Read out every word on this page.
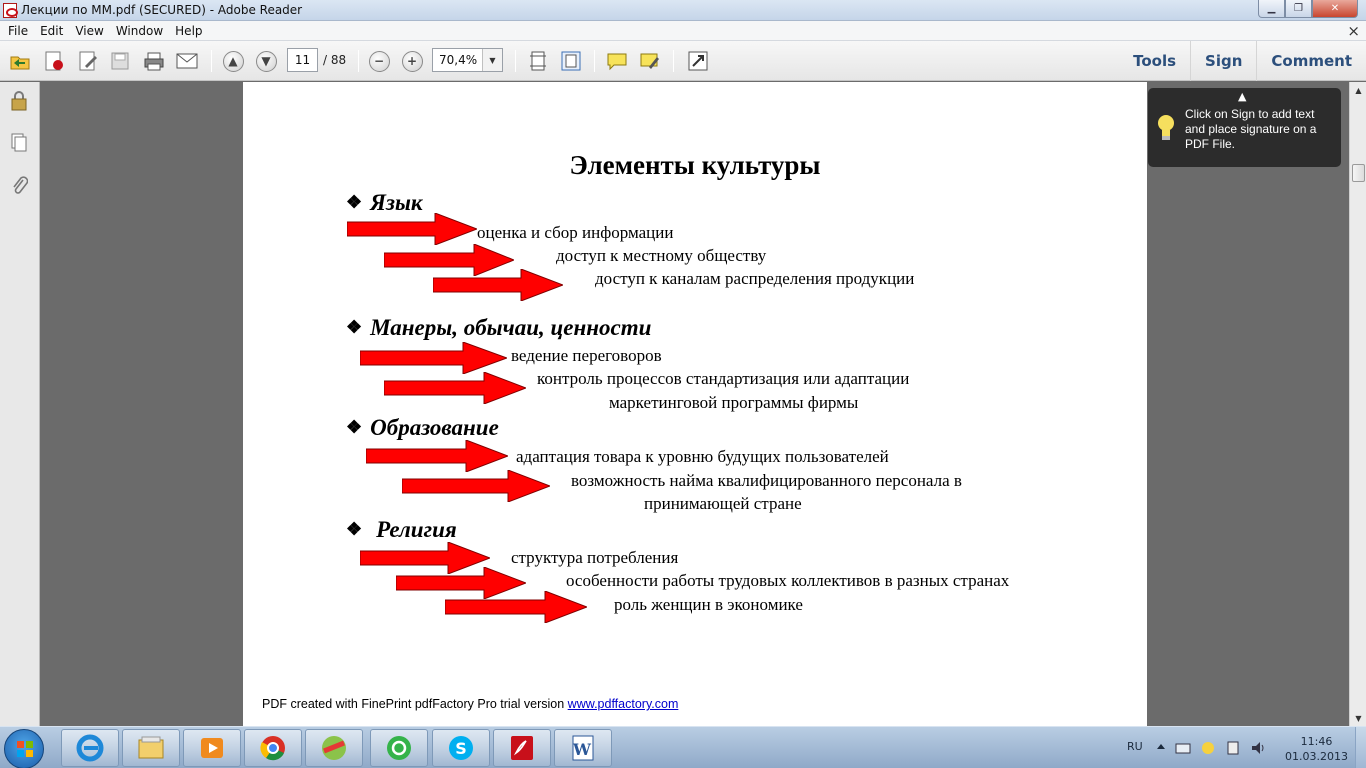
Лекции по ММ.pdf (SECURED) - Adobe Reader	▁	❐	✕
File	Edit	View	Window	Help	×
▲	▼	−	+
11	/ 88	70,4%	▼	Tools	Sign	Comment
Элементы культуры
❖ Язык
оценка и сбор информации
доступ к местному обществу
доступ к каналам распределения продукции
❖ Манеры, обычаи, ценности
ведение переговоров
контроль процессов стандартизация или адаптации
маркетинговой программы фирмы
❖ Образование
адаптация товара к уровню будущих пользователей
возможность найма квалифицированного персонала в
принимающей стране
❖ Религия
структура потребления
особенности работы трудовых коллективов в разных странах
роль женщин в экономике
PDF created with FinePrint pdfFactory Pro trial version www.pdffactory.com
▲
Click on Sign to add text and place signature on a PDF File.
▲
▼
S	W	RU	11:46
01.03.2013
